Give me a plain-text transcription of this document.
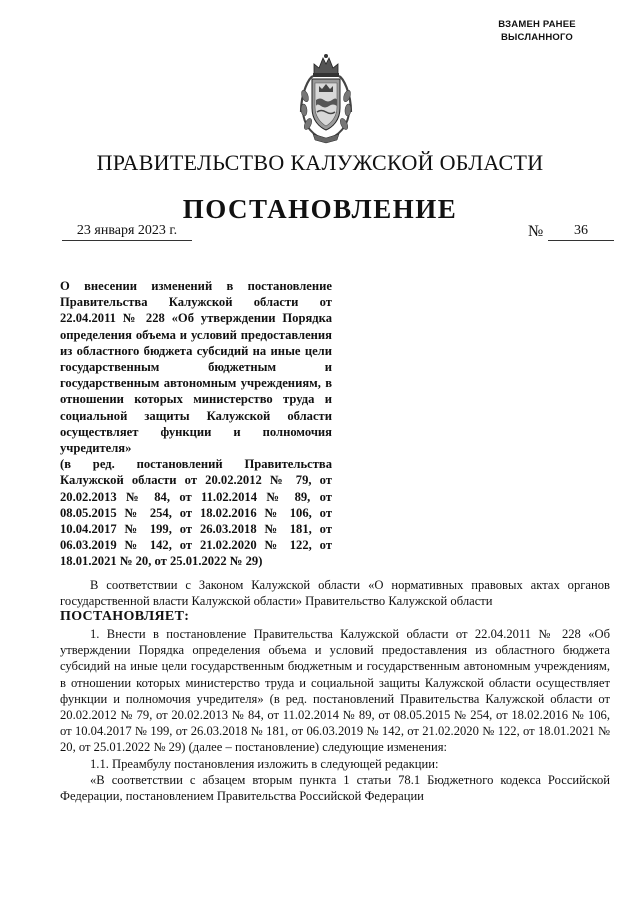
ВЗАМЕН РАНЕЕ
ВЫСЛАННОГО
ПРАВИТЕЛЬСТВО КАЛУЖСКОЙ ОБЛАСТИ
ПОСТАНОВЛЕНИЕ
23 января 2023 г.	№	36

О внесении изменений в постановление Правительства Калужской области от 22.04.2011 № 228 «Об утверждении Порядка определения объема и условий предоставления из областного бюджета субсидий на иные цели государственным бюджетным и государственным автономным учреждениям, в отношении которых министерство труда и социальной защиты Калужской области осуществляет функции и полномочия учредителя»

(в ред. постановлений Правительства Калужской области от 20.02.2012 № 79, от 20.02.2013 № 84, от 11.02.2014 № 89, от 08.05.2015 № 254, от 18.02.2016 № 106, от 10.04.2017 № 199, от 26.03.2018 № 181, от 06.03.2019 № 142, от 21.02.2020 № 122, от 18.01.2021 № 20, от 25.01.2022 № 29)

В соответствии с Законом Калужской области «О нормативных правовых актах органов государственной власти Калужской области» Правительство Калужской области

ПОСТАНОВЛЯЕТ:

1. Внести в постановление Правительства Калужской области от 22.04.2011 № 228 «Об утверждении Порядка определения объема и условий предоставления из областного бюджета субсидий на иные цели государственным бюджетным и государственным автономным учреждениям, в отношении которых министерство труда и социальной защиты Калужской области осуществляет функции и полномочия учредителя» (в ред. постановлений Правительства Калужской области от 20.02.2012 № 79, от 20.02.2013 № 84, от 11.02.2014 № 89, от 08.05.2015 № 254, от 18.02.2016 № 106, от 10.04.2017 № 199, от 26.03.2018 № 181, от 06.03.2019 № 142, от 21.02.2020 № 122, от 18.01.2021 № 20, от 25.01.2022 № 29) (далее – постановление) следующие изменения:

1.1. Преамбулу постановления изложить в следующей редакции:

«В соответствии с абзацем вторым пункта 1 статьи 78.1 Бюджетного кодекса Российской Федерации, постановлением Правительства Российской Федерации
